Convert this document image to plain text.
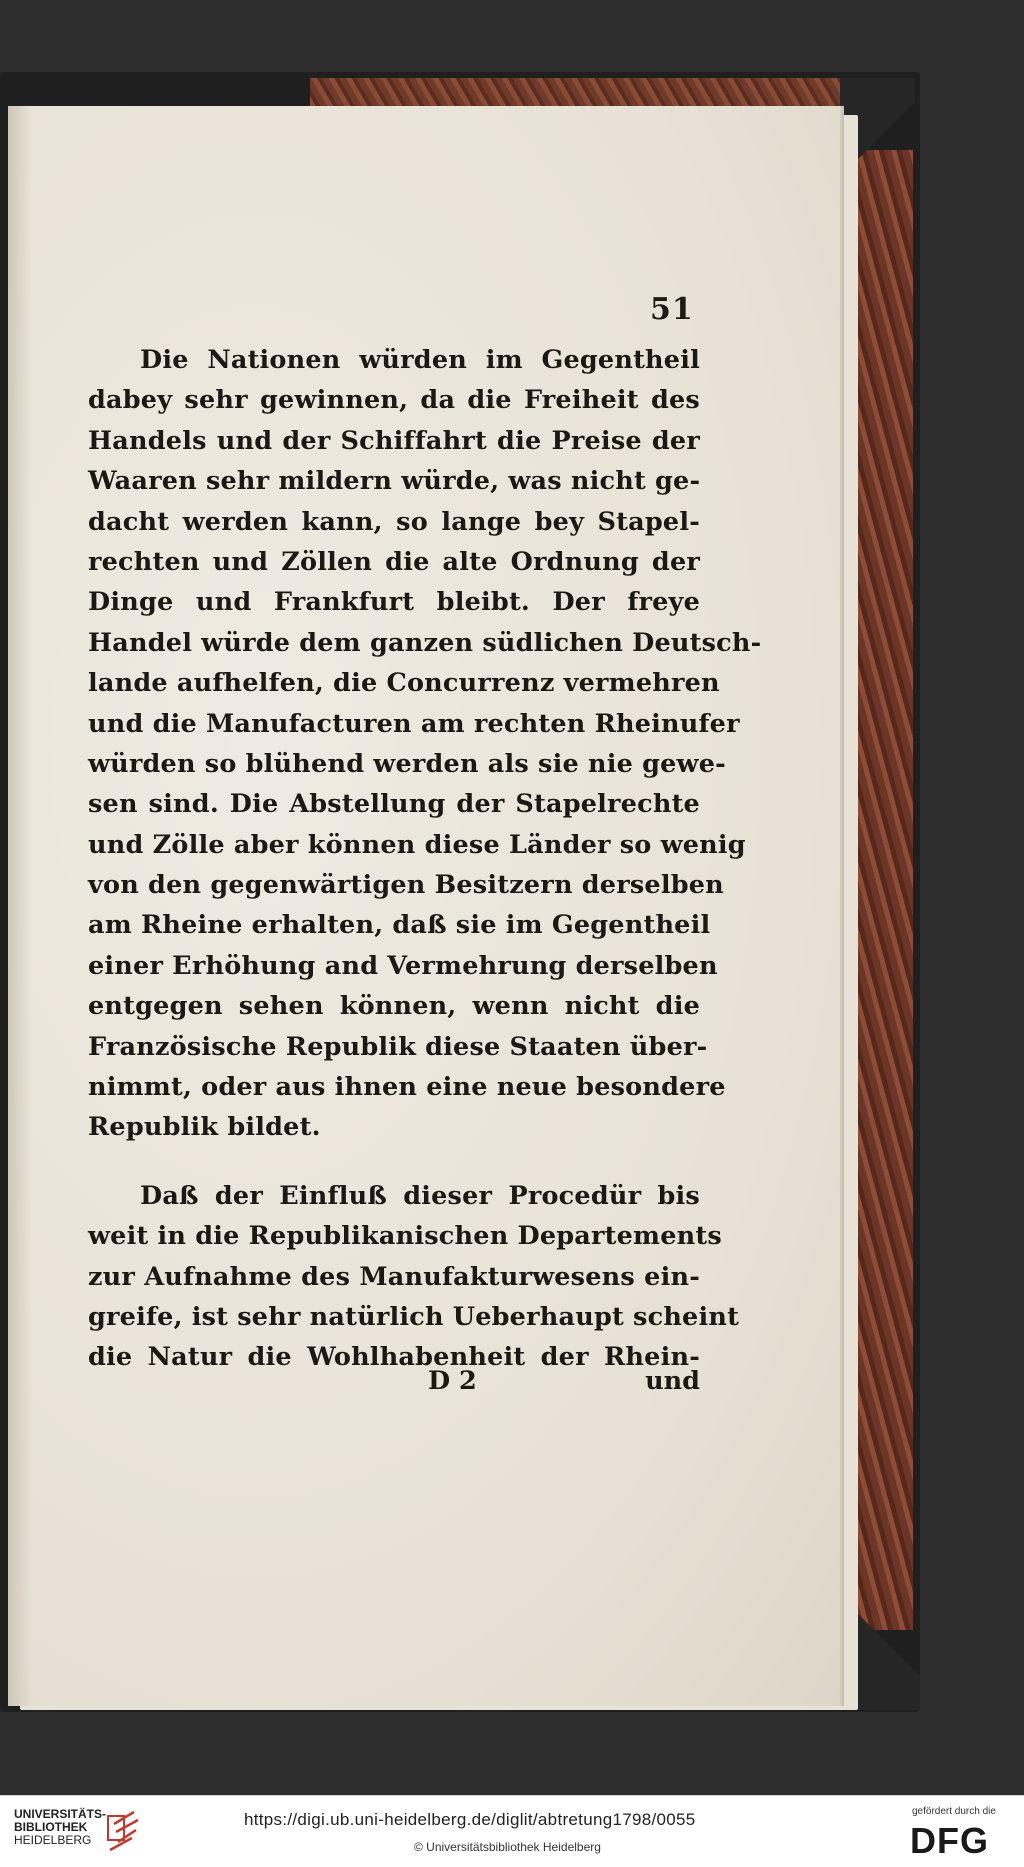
51
Die Nationen würden im Gegentheil
dabey sehr gewinnen, da die Freiheit des
Handels und der Schiffahrt die Preise der
Waaren sehr mildern würde, was nicht ge-
dacht werden kann, so lange bey Stapel-
rechten und Zöllen die alte Ordnung der
Dinge und Frankfurt bleibt. Der freye
Handel würde dem ganzen südlichen Deutsch-
lande aufhelfen, die Concurrenz vermehren
und die Manufacturen am rechten Rheinufer
würden so blühend werden als sie nie gewe-
sen sind. Die Abstellung der Stapelrechte
und Zölle aber können diese Länder so wenig
von den gegenwärtigen Besitzern derselben
am Rheine erhalten, daß sie im Gegentheil
einer Erhöhung and Vermehrung derselben
entgegen sehen können, wenn nicht die
Französische Republik diese Staaten über-
nimmt, oder aus ihnen eine neue besondere
Republik bildet.
Daß der Einfluß dieser Procedür bis
weit in die Republikanischen Departements
zur Aufnahme des Manufakturwesens ein-
greife, ist sehr natürlich Ueberhaupt scheint
die Natur die Wohlhabenheit der Rhein-
D 2	und
UNIVERSITÄTS-
BIBLIOTHEK
HEIDELBERG
https://digi.ub.uni-heidelberg.de/diglit/abtretung1798/0055
© Universitätsbibliothek Heidelberg
gefördert durch die
DFG
